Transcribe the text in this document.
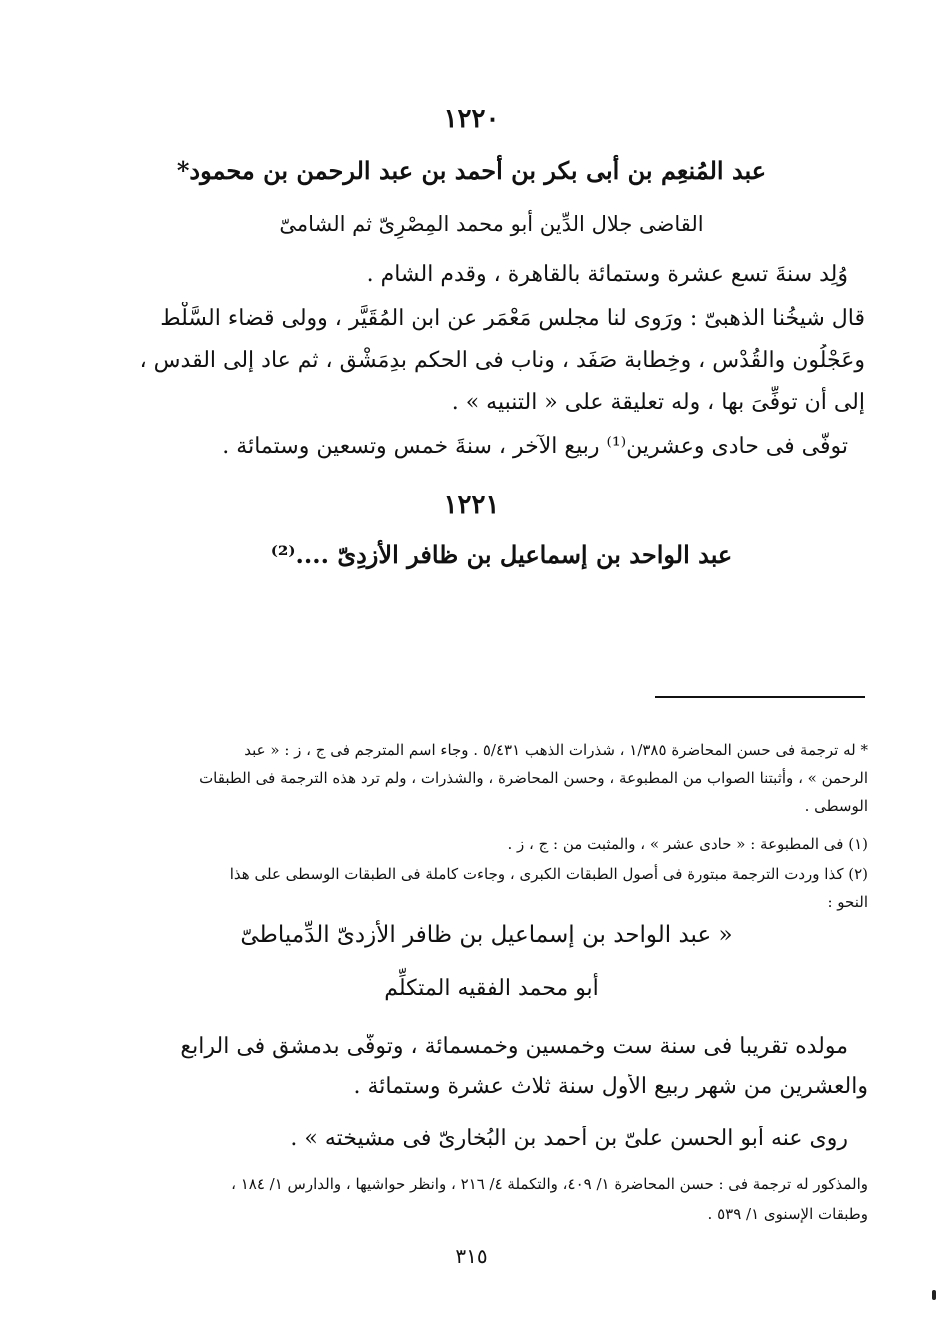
١٢٢٠
عبد المُنعِم بن أبى بكر بن أحمد بن عبد الرحمن بن محمود*
القاضى جلال الدِّين أبو محمد المِصْرِىّ ثم الشامىّ
وُلِد سنةَ تسع عشرة وستمائة بالقاهرة ، وقدم الشام .
قال شيخُنا الذهبىّ : ورَوى لنا مجلس مَعْمَر عن ابن المُقَيَّر ، وولى قضاء السَّلْط
وعَجْلُون والقُدْس ، وخِطابة صَفَد ، وناب فى الحكم بدِمَشْق ، ثم عاد إلى القدس ،
إلى أن توفِّىَ بها ، وله تعليقة على « التنبيه » .
توفّى فى حادى وعشرين⁽¹⁾ ربيع الآخر ، سنةَ خمس وتسعين وستمائة .
١٢٢١
عبد الواحد بن إسماعيل بن ظافر الأزدِىّ ....⁽²⁾
* له ترجمة فى حسن المحاضرة ١/٣٨٥ ، شذرات الذهب ٥/٤٣١ . وجاء اسم المترجم فى ج ، ز : « عبد
الرحمن » ، وأثبتنا الصواب من المطبوعة ، وحسن المحاضرة ، والشذرات ، ولم ترد هذه الترجمة فى الطبقات
الوسطى .
(١) فى المطبوعة : « حادى عشر » ، والمثبت من : ج ، ز .
(٢) كذا وردت الترجمة مبتورة فى أصول الطبقات الكبرى ، وجاءت كاملة فى الطبقات الوسطى على هذا
النحو :
« عبد الواحد بن إسماعيل بن ظافر الأزدىّ الدِّمياطىّ
أبو محمد الفقيه المتكلِّم
مولده تقريبا فى سنة ست وخمسين وخمسمائة ، وتوفّى بدمشق فى الرابع
والعشرين من شهر ربيع الأول سنة ثلاث عشرة وستمائة .
روى عنه أبو الحسن علىّ بن أحمد بن البُخارىّ فى مشيخته » .
والمذكور له ترجمة فى : حسن المحاضرة ١/ ٤٠٩، والتكملة ٤/ ٢١٦ ، وانظر حواشيها ، والدارس ١/ ١٨٤ ،
وطبقات الإسنوى ١/ ٥٣٩ .
٣١٥
